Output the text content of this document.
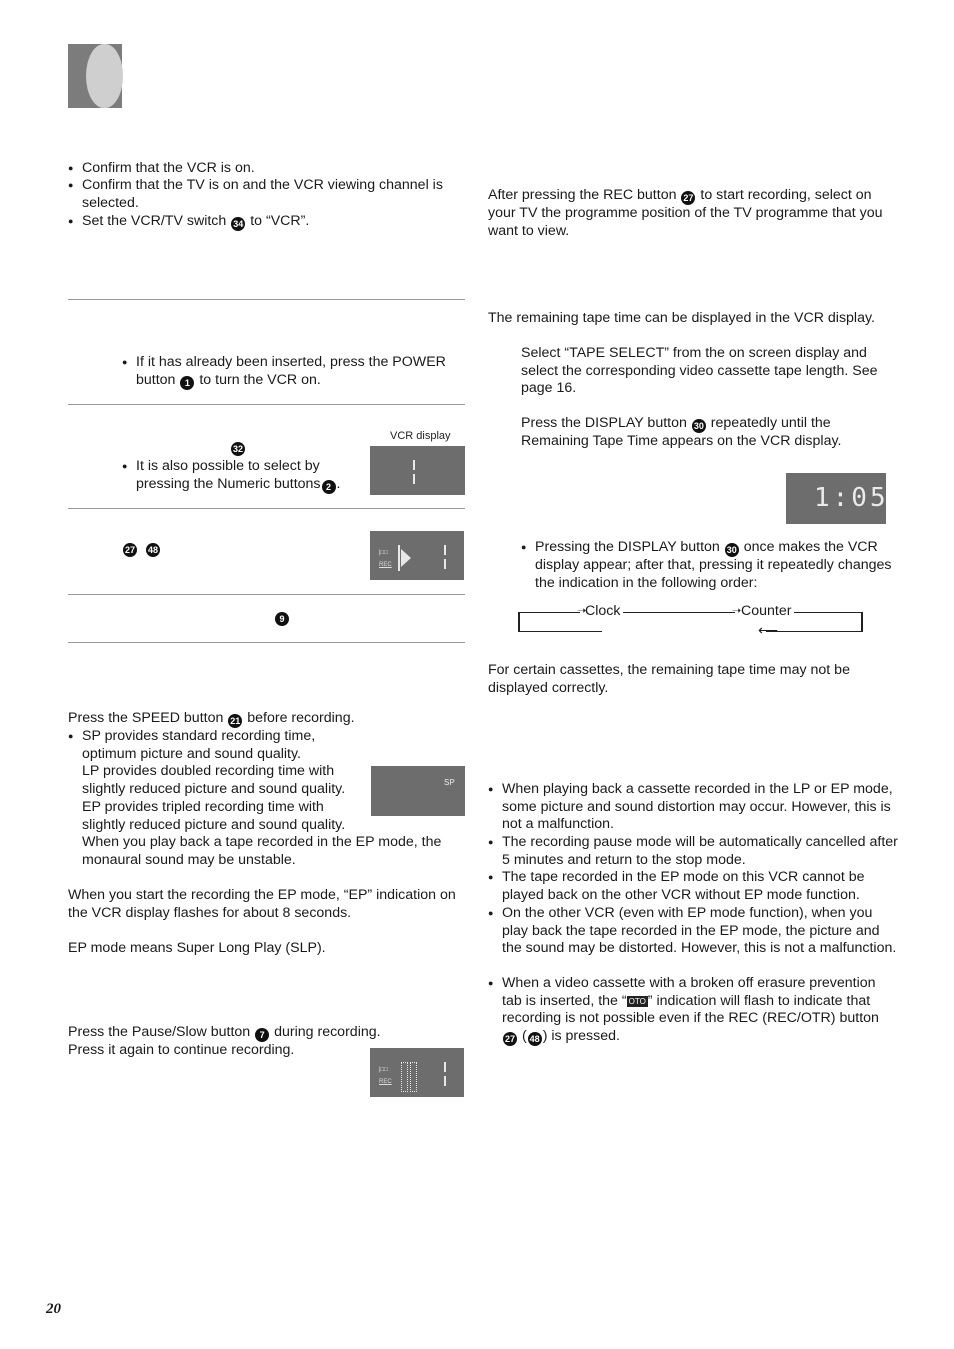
● Confirm that the VCR is on.

● Confirm that the TV is on and the VCR viewing channel is selected.

● Set the VCR/TV switch 34 to “VCR”.

● If it has already been inserted, press the POWER button 1 to turn the VCR on.

32

● It is also possible to select by pressing the Numeric buttons 2 .

VCR display
27 48	|□□
REC
9

Press the SPEED button 21 before recording.

● SP provides standard recording time, optimum picture and sound quality.

LP provides doubled recording time with slightly reduced picture and sound quality.

EP provides tripled recording time with slightly reduced picture and sound quality.

When you play back a tape recorded in the EP mode, the monaural sound may be unstable.

SP

When you start the recording the EP mode, “EP” indication on the VCR display flashes for about 8 seconds.

EP mode means Super Long Play (SLP).

Press the Pause/Slow button 7 during recording.
Press it again to continue recording.

|□□
REC

After pressing the REC button 27 to start recording, select on your TV the programme position of the TV programme that you want to view.

The remaining tape time can be displayed in the VCR display.

Select “TAPE SELECT” from the on screen display and select the corresponding video cassette tape length. See page 16.

Press the DISPLAY button 30 repeatedly until the Remaining Tape Time appears on the VCR display.

1:05

● Pressing the DISPLAY button 30 once makes the VCR display appear; after that, pressing it repeatedly changes the indication in the following order:

➝
Clock	➝ Counter
⟵

For certain cassettes, the remaining tape time may not be displayed correctly.

● When playing back a cassette recorded in the LP or EP mode, some picture and sound distortion may occur. However, this is not a malfunction.

● The recording pause mode will be automatically cancelled after 5 minutes and return to the stop mode.

● The tape recorded in the EP mode on this VCR cannot be played back on the other VCR without EP mode function.

● On the other VCR (even with EP mode function), when you play back the tape recorded in the EP mode, the picture and the sound may be distorted. However, this is not a malfunction.

● When a video cassette with a broken off erasure prevention tab is inserted, the “ OTO ” indication will flash to indicate that recording is not possible even if the REC (REC/OTR) button 27 ( 48 ) is pressed.

20
